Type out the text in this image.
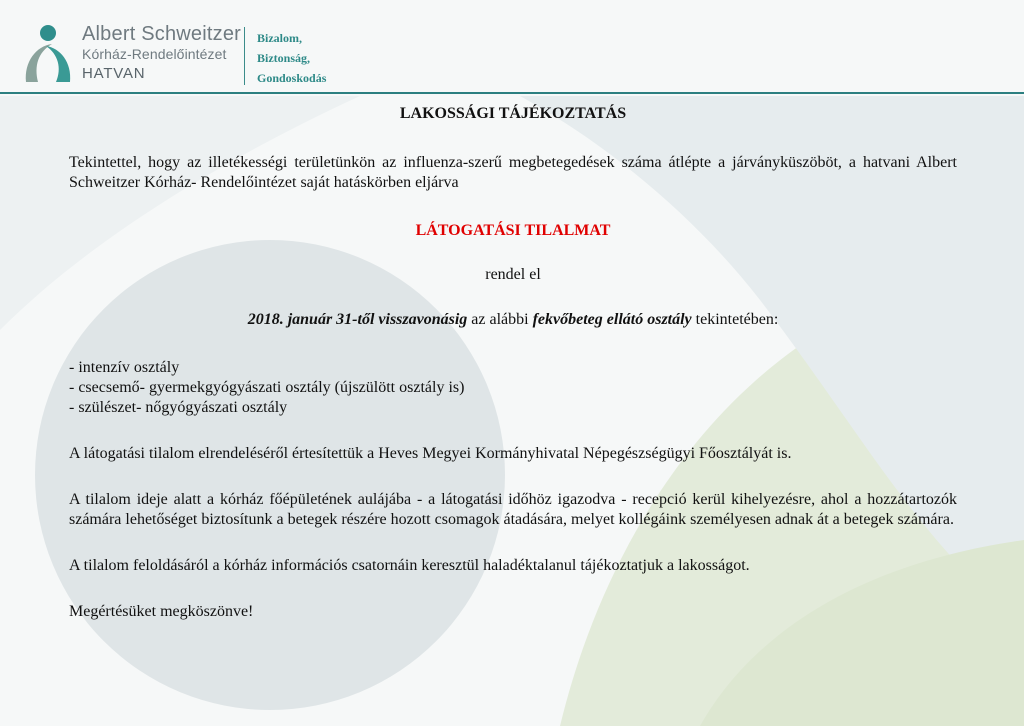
Albert Schweitzer
Kórház-Rendelőintézet
HATVAN
Bizalom,
Biztonság,
Gondoskodás
LAKOSSÁGI TÁJÉKOZTATÁS

Tekintettel, hogy az illetékességi területünkön az influenza-szerű megbetegedések száma átlépte a járványküszöböt, a hatvani Albert Schweitzer Kórház- Rendelőintézet saját hatáskörben eljárva

LÁTOGATÁSI TILALMAT
rendel el
2018. január 31-től visszavonásig az alábbi fekvőbeteg ellátó osztály tekintetében:
- intenzív osztály
- csecsemő- gyermekgyógyászati osztály (újszülött osztály is)
- szülészet- nőgyógyászati osztály

A látogatási tilalom elrendeléséről értesítettük a Heves Megyei Kormányhivatal Népegészségügyi Főosztályát is.

A tilalom ideje alatt a kórház főépületének aulájába - a látogatási időhöz igazodva - recepció kerül kihelyezésre, ahol a hozzátartozók számára lehetőséget biztosítunk a betegek részére hozott csomagok átadására, melyet kollégáink személyesen adnak át a betegek számára.

A tilalom feloldásáról a kórház információs csatornáin keresztül haladéktalanul tájékoztatjuk a lakosságot.

Megértésüket megköszönve!
